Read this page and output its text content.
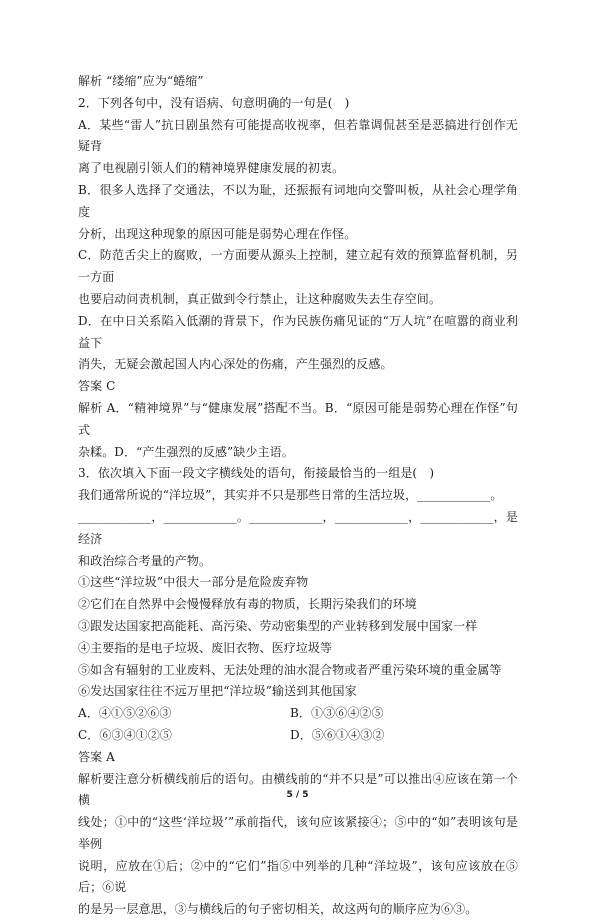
解析 “缕缩”应为“蜷缩”

2．下列各句中，没有语病、句意明确的一句是(　)

A．某些“雷人”抗日剧虽然有可能提高收视率，但若靠调侃甚至是恶搞进行创作无疑背

离了电视剧引领人们的精神境界健康发展的初衷。

B．很多人选择了交通法，不以为耻，还振振有词地向交警叫板，从社会心理学角度

分析，出现这种现象的原因可能是弱势心理在作怪。

C．防范舌尖上的腐败，一方面要从源头上控制，建立起有效的预算监督机制，另一方面

也要启动问责机制，真正做到令行禁止，让这种腐败失去生存空间。

D．在中日关系陷入低潮的背景下，作为民族伤痛见证的“万人坑”在喧嚣的商业利益下

消失，无疑会激起国人内心深处的伤痛，产生强烈的反感。

答案 C

解析 A．“精神境界”与“健康发展”搭配不当。B．“原因可能是弱势心理在作怪”句式

杂糅。D．“产生强烈的反感”缺少主语。

3．依次填入下面一段文字横线处的语句，衔接最恰当的一组是(　)

我们通常所说的“洋垃圾”，其实并不只是那些日常的生活垃圾，____________。

____________，____________。____________，____________，____________，是经济

和政治综合考量的产物。

①这些“洋垃圾”中很大一部分是危险废弃物

②它们在自然界中会慢慢释放有毒的物质，长期污染我们的环境

③跟发达国家把高能耗、高污染、劳动密集型的产业转移到发展中国家一样

④主要指的是电子垃圾、废旧衣物、医疗垃圾等

⑤如含有辐射的工业废料、无法处理的油水混合物或者严重污染环境的重金属等

⑥发达国家往往不远万里把“洋垃圾”输送到其他国家

A．④①⑤②⑥③	B．①③⑥④②⑤
C．⑥③④①②⑤	D．⑤⑥①④③②

答案 A

解析要注意分析横线前后的语句。由横线前的“并不只是”可以推出④应该在第一个横

线处；①中的“这些‘洋垃圾’”承前指代，该句应该紧接④；⑤中的“如”表明该句是举例

说明，应放在①后；②中的“它们”指⑤中列举的几种“洋垃圾”，该句应该放在⑤后；⑥说

的是另一层意思，③与横线后的句子密切相关，故这两句的顺序应为⑥③。

5 / 5
